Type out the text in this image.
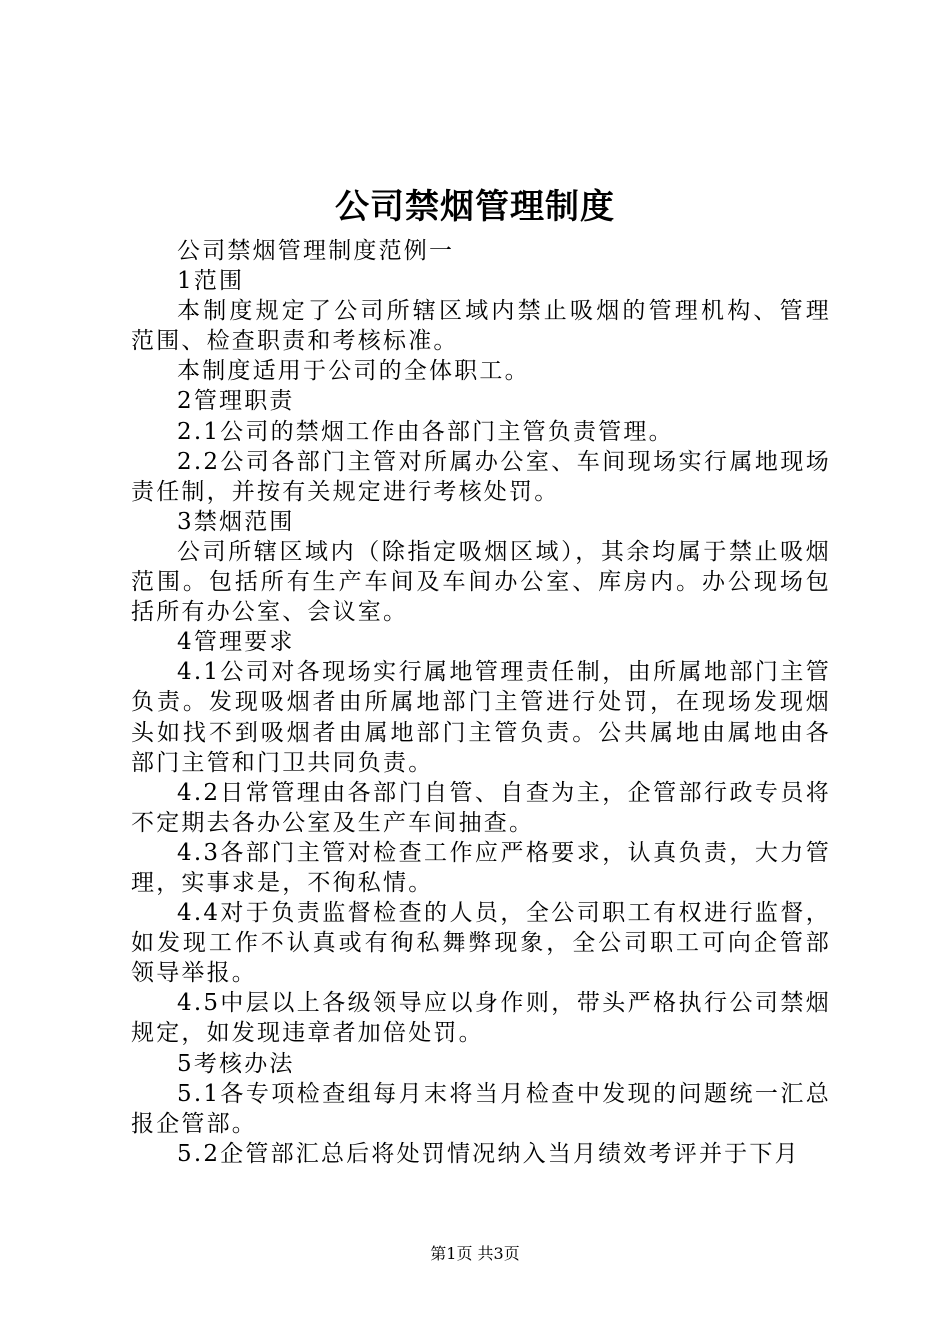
公司禁烟管理制度

公司禁烟管理制度范例一

1范围

本制度规定了公司所辖区域内禁止吸烟的管理机构、管理范围、检查职责和考核标准。

本制度适用于公司的全体职工。

2管理职责

2.1公司的禁烟工作由各部门主管负责管理。

2.2公司各部门主管对所属办公室、车间现场实行属地现场责任制，并按有关规定进行考核处罚。

3禁烟范围

公司所辖区域内（除指定吸烟区域），其余均属于禁止吸烟范围。包括所有生产车间及车间办公室、库房内。办公现场包括所有办公室、会议室。

4管理要求

4.1公司对各现场实行属地管理责任制，由所属地部门主管负责。发现吸烟者由所属地部门主管进行处罚，在现场发现烟头如找不到吸烟者由属地部门主管负责。公共属地由属地由各部门主管和门卫共同负责。

4.2日常管理由各部门自管、自查为主，企管部行政专员将不定期去各办公室及生产车间抽查。

4.3各部门主管对检查工作应严格要求，认真负责，大力管理，实事求是，不徇私情。

4.4对于负责监督检查的人员，全公司职工有权进行监督，如发现工作不认真或有徇私舞弊现象，全公司职工可向企管部领导举报。

4.5中层以上各级领导应以身作则，带头严格执行公司禁烟规定，如发现违章者加倍处罚。

5考核办法

5.1各专项检查组每月末将当月检查中发现的问题统一汇总报企管部。

5.2企管部汇总后将处罚情况纳入当月绩效考评并于下月

第1页 共3页
